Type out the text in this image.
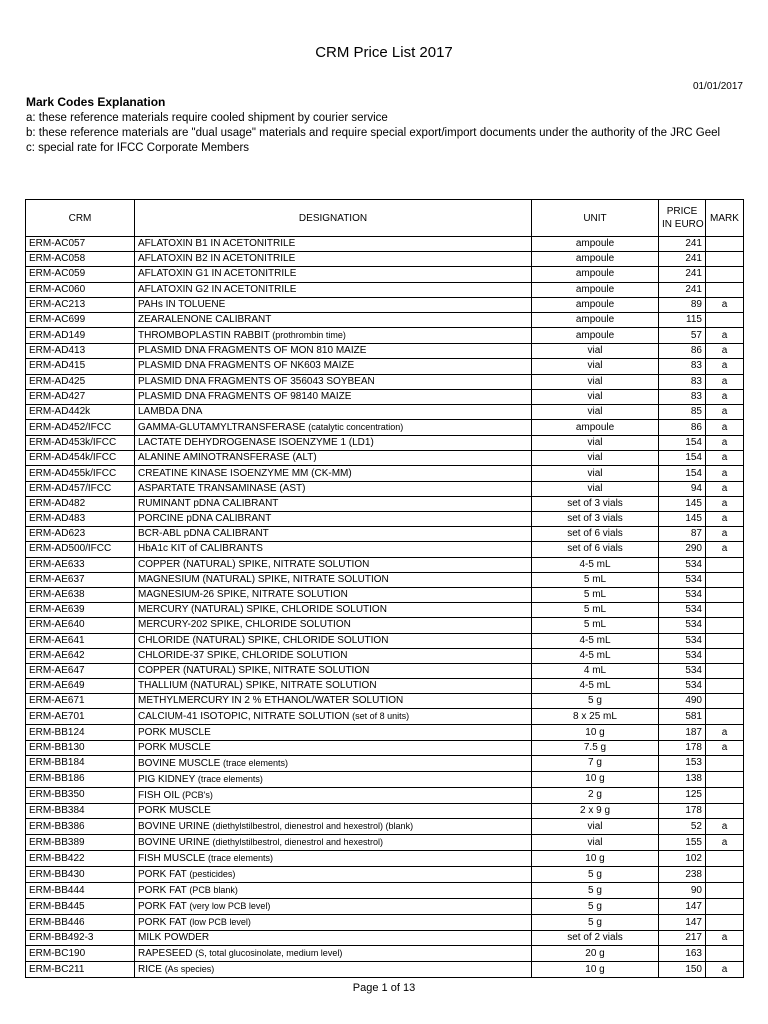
CRM Price List 2017
01/01/2017
Mark Codes Explanation

a: these reference materials require cooled shipment by courier service

b: these reference materials are "dual usage" materials and require special export/import documents under the authority of the JRC Geel

c: special rate for IFCC Corporate Members

CRM	DESIGNATION	UNIT	PRICE
IN EURO	MARK
ERM-AC057	AFLATOXIN B1 IN ACETONITRILE	ampoule	241	
ERM-AC058	AFLATOXIN B2 IN ACETONITRILE	ampoule	241	
ERM-AC059	AFLATOXIN G1 IN ACETONITRILE	ampoule	241	
ERM-AC060	AFLATOXIN G2 IN ACETONITRILE	ampoule	241	
ERM-AC213	PAHs IN TOLUENE	ampoule	89	a
ERM-AC699	ZEARALENONE CALIBRANT	ampoule	115	
ERM-AD149	THROMBOPLASTIN RABBIT (prothrombin time)	ampoule	57	a
ERM-AD413	PLASMID DNA FRAGMENTS OF MON 810 MAIZE	vial	86	a
ERM-AD415	PLASMID DNA FRAGMENTS OF NK603 MAIZE	vial	83	a
ERM-AD425	PLASMID DNA FRAGMENTS OF 356043 SOYBEAN	vial	83	a
ERM-AD427	PLASMID DNA FRAGMENTS OF 98140 MAIZE	vial	83	a
ERM-AD442k	LAMBDA DNA	vial	85	a
ERM-AD452/IFCC	GAMMA-GLUTAMYLTRANSFERASE (catalytic concentration)	ampoule	86	a
ERM-AD453k/IFCC	LACTATE DEHYDROGENASE ISOENZYME 1 (LD1)	vial	154	a
ERM-AD454k/IFCC	ALANINE AMINOTRANSFERASE (ALT)	vial	154	a
ERM-AD455k/IFCC	CREATINE KINASE ISOENZYME MM (CK-MM)	vial	154	a
ERM-AD457/IFCC	ASPARTATE TRANSAMINASE (AST)	vial	94	a
ERM-AD482	RUMINANT pDNA CALIBRANT	set of 3 vials	145	a
ERM-AD483	PORCINE pDNA CALIBRANT	set of 3 vials	145	a
ERM-AD623	BCR-ABL pDNA CALIBRANT	set of 6 vials	87	a
ERM-AD500/IFCC	HbA1c KIT of CALIBRANTS	set of 6 vials	290	a
ERM-AE633	COPPER (NATURAL) SPIKE, NITRATE SOLUTION	4-5 mL	534	
ERM-AE637	MAGNESIUM (NATURAL) SPIKE, NITRATE SOLUTION	5 mL	534	
ERM-AE638	MAGNESIUM-26 SPIKE, NITRATE SOLUTION	5 mL	534	
ERM-AE639	MERCURY (NATURAL) SPIKE, CHLORIDE SOLUTION	5 mL	534	
ERM-AE640	MERCURY-202 SPIKE, CHLORIDE SOLUTION	5 mL	534	
ERM-AE641	CHLORIDE (NATURAL) SPIKE, CHLORIDE SOLUTION	4-5 mL	534	
ERM-AE642	CHLORIDE-37 SPIKE, CHLORIDE SOLUTION	4-5 mL	534	
ERM-AE647	COPPER (NATURAL) SPIKE, NITRATE SOLUTION	4 mL	534	
ERM-AE649	THALLIUM (NATURAL) SPIKE, NITRATE SOLUTION	4-5 mL	534	
ERM-AE671	METHYLMERCURY IN 2 % ETHANOL/WATER SOLUTION	5 g	490	
ERM-AE701	CALCIUM-41 ISOTOPIC, NITRATE SOLUTION (set of 8 units)	8 x 25 mL	581	
ERM-BB124	PORK MUSCLE	10 g	187	a
ERM-BB130	PORK MUSCLE	7.5 g	178	a
ERM-BB184	BOVINE MUSCLE (trace elements)	7 g	153	
ERM-BB186	PIG KIDNEY (trace elements)	10 g	138	
ERM-BB350	FISH OIL (PCB's)	2 g	125	
ERM-BB384	PORK MUSCLE	2 x 9 g	178	
ERM-BB386	BOVINE URINE (diethylstilbestrol, dienestrol and hexestrol) (blank)	vial	52	a
ERM-BB389	BOVINE URINE (diethylstilbestrol, dienestrol and hexestrol)	vial	155	a
ERM-BB422	FISH MUSCLE (trace elements)	10 g	102	
ERM-BB430	PORK FAT (pesticides)	5 g	238	
ERM-BB444	PORK FAT (PCB blank)	5 g	90	
ERM-BB445	PORK FAT (very low PCB level)	5 g	147	
ERM-BB446	PORK FAT (low PCB level)	5 g	147	
ERM-BB492-3	MILK POWDER	set of 2 vials	217	a
ERM-BC190	RAPESEED (S, total glucosinolate, medium level)	20 g	163	
ERM-BC211	RICE (As species)	10 g	150	a
Page 1 of 13
